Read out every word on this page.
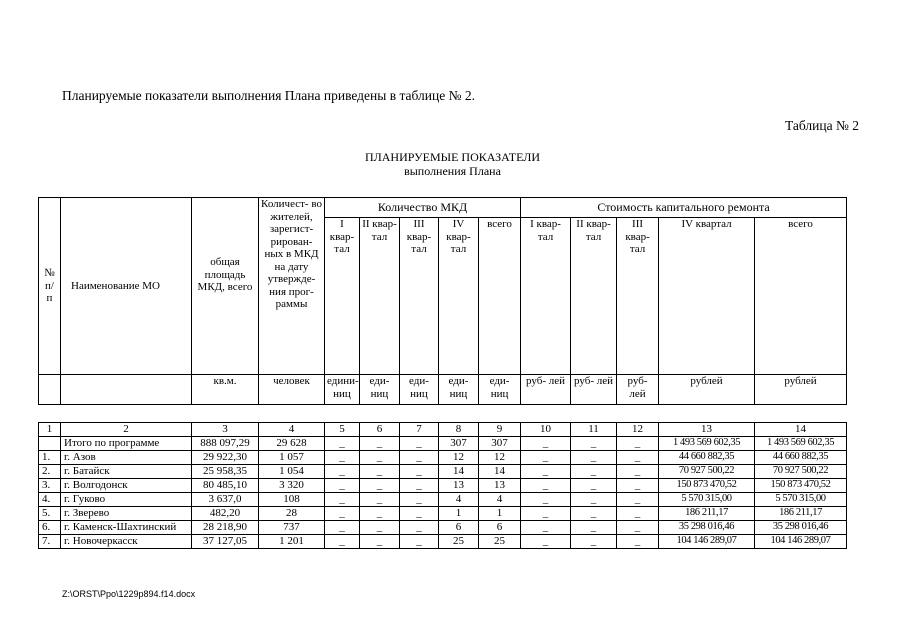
Планируемые показатели выполнения Плана приведены в таблице № 2.
Таблица № 2
ПЛАНИРУЕМЫЕ ПОКАЗАТЕЛИ
выполнения Плана
№ п/ п	Наименование МО	общая площадь МКД, всего	Количест- во жителей, зарегист- рирован- ных в МКД на дату утвержде- ния прог- раммы	Количество МКД					Стоимость капитального ремонта				
				I квар- тал	II квар- тал	III квар- тал	IV квар- тал	всего	I квар- тал	II квар- тал	III квар- тал	IV квартал	всего
		кв.м.	человек	едини- ниц	еди- ниц	еди- ниц	еди- ниц	еди- ниц	руб- лей	руб- лей	руб- лей	рублей	рублей
1	2	3	4	5	6	7	8	9	10	11	12	13	14
	Итого по программе	888 097,29	29 628	_	_	_	307	307	_	_	_	1 493 569 602,35	1 493 569 602,35
1.	г. Азов	29 922,30	1 057	_	_	_	12	12	_	_	_	44 660 882,35	44 660 882,35
2.	г. Батайск	25 958,35	1 054	_	_	_	14	14	_	_	_	70 927 500,22	70 927 500,22
3.	г. Волгодонск	80 485,10	3 320	_	_	_	13	13	_	_	_	150 873 470,52	150 873 470,52
4.	г. Гуково	3 637,0	108	_	_	_	4	4	_	_	_	5 570 315,00	5 570 315,00
5.	г. Зверево	482,20	28	_	_	_	1	1	_	_	_	186 211,17	186 211,17
6.	г. Каменск-Шахтинский	28 218,90	737	_	_	_	6	6	_	_	_	35 298 016,46	35 298 016,46
7.	г. Новочеркасск	37 127,05	1 201	_	_	_	25	25	_	_	_	104 146 289,07	104 146 289,07
Z:\ORST\Ppo\1229p894.f14.docx
